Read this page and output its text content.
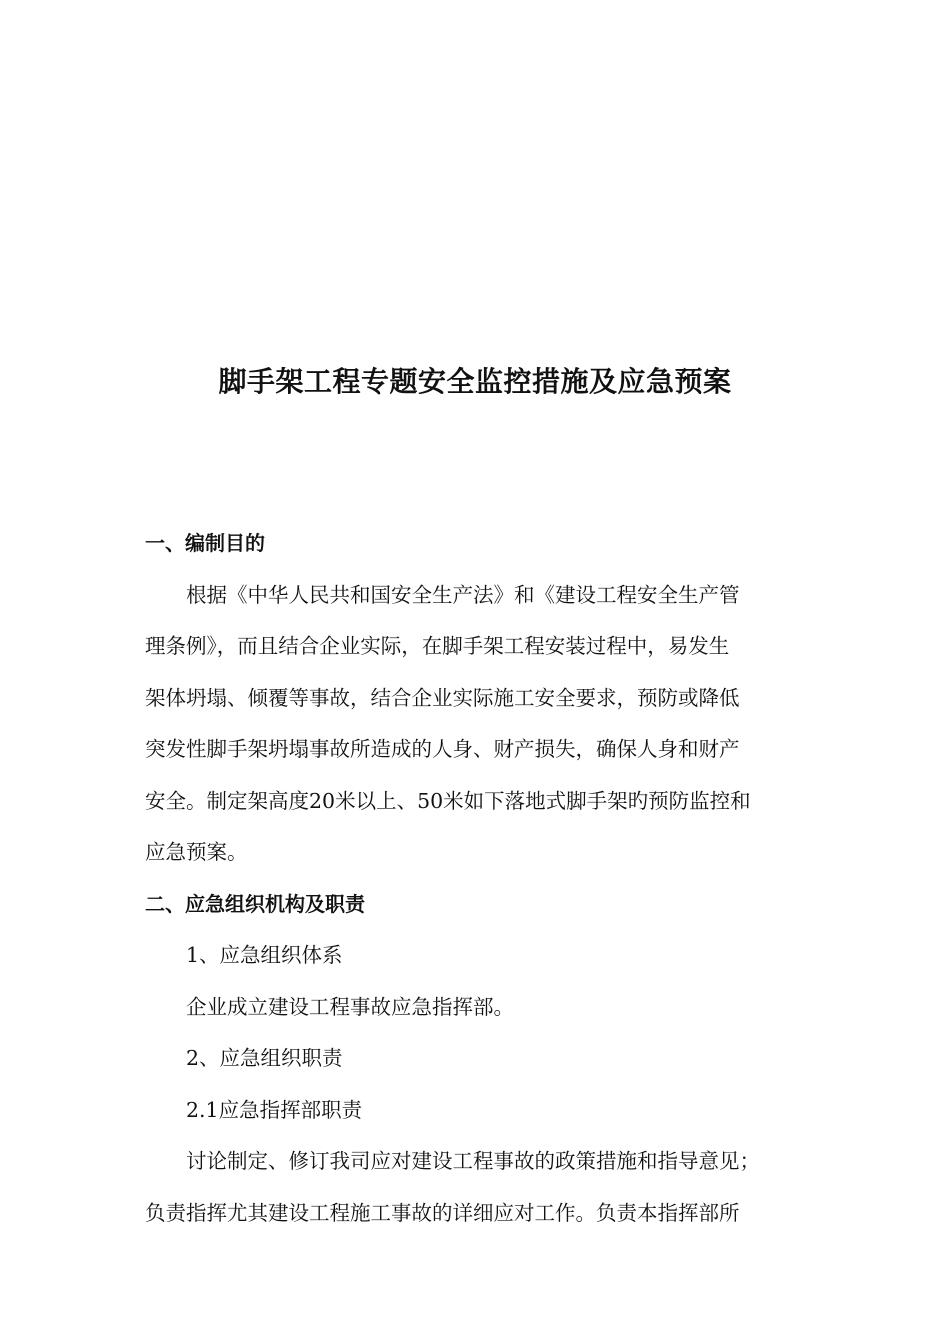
脚手架工程专题安全监控措施及应急预案
一、编制目的
根据《中华人民共和国安全生产法》和《建设工程安全生产管
理条例》，而且结合企业实际，在脚手架工程安装过程中，易发生
架体坍塌、倾覆等事故，结合企业实际施工安全要求，预防或降低
突发性脚手架坍塌事故所造成的人身、财产损失，确保人身和财产
安全。制定架高度20米以上、50米如下落地式脚手架旳预防监控和
应急预案。
二、应急组织机构及职责
1、应急组织体系
企业成立建设工程事故应急指挥部。
2、应急组织职责
2.1应急指挥部职责
讨论制定、修订我司应对建设工程事故的政策措施和指导意见；
负责指挥尤其建设工程施工事故的详细应对工作。负责本指挥部所
